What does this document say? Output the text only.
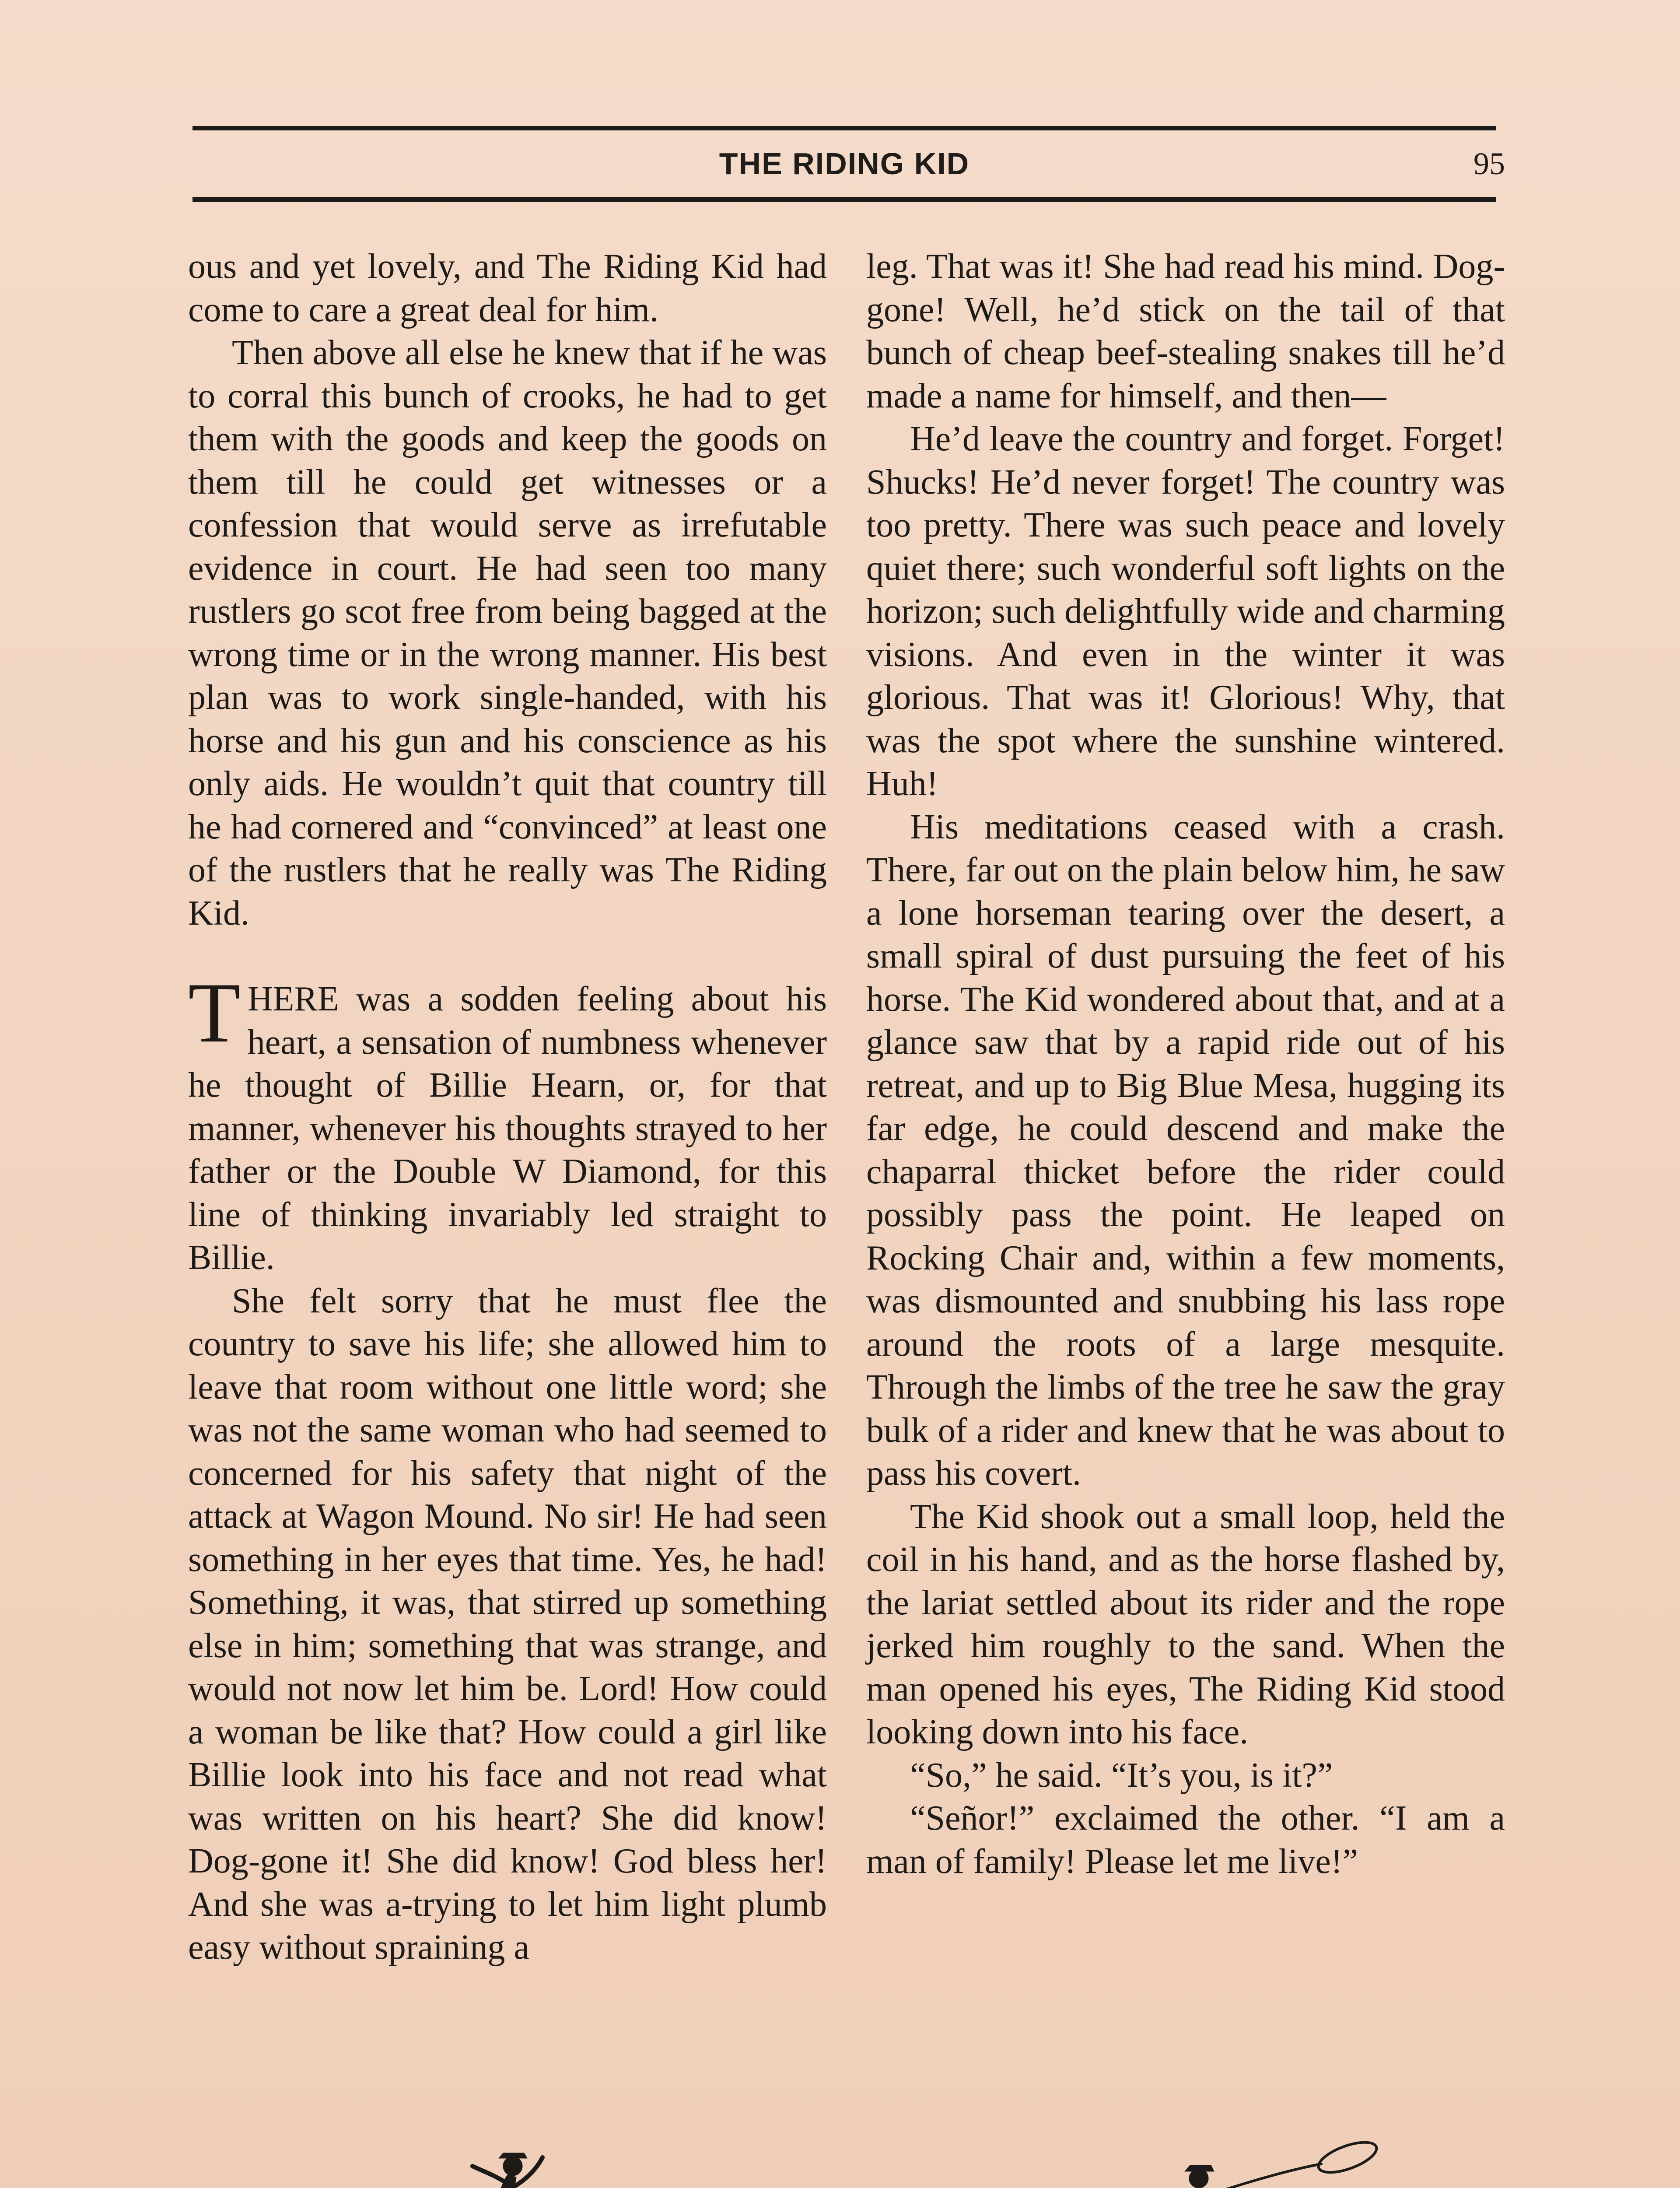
THE RIDING KID	95

ous and yet lovely, and The Riding Kid had come to care a great deal for him.

Then above all else he knew that if he was to corral this bunch of crooks, he had to get them with the goods and keep the goods on them till he could get witnesses or a confession that would serve as irrefutable evidence in court. He had seen too many rustlers go scot free from being bagged at the wrong time or in the wrong manner. His best plan was to work single-handed, with his horse and his gun and his conscience as his only aids. He wouldn’t quit that country till he had cornered and “convinced” at least one of the rustlers that he really was The Riding Kid.

THERE was a sodden feeling about his heart, a sensation of numbness whenever he thought of Billie Hearn, or, for that manner, whenever his thoughts strayed to her father or the Double W Diamond, for this line of thinking invariably led straight to Billie.

She felt sorry that he must flee the country to save his life; she allowed him to leave that room without one little word; she was not the same woman who had seemed to concerned for his safety that night of the attack at Wagon Mound. No sir! He had seen something in her eyes that time. Yes, he had! Something, it was, that stirred up something else in him; something that was strange, and would not now let him be. Lord! How could a woman be like that? How could a girl like Billie look into his face and not read what was written on his heart? She did know! Dog-gone it! She did know! God bless her! And she was a-trying to let him light plumb easy without spraining a

leg. That was it! She had read his mind. Dog-gone! Well, he’d stick on the tail of that bunch of cheap beef-stealing snakes till he’d made a name for himself, and then—

He’d leave the country and forget. Forget! Shucks! He’d never forget! The country was too pretty. There was such peace and lovely quiet there; such wonderful soft lights on the horizon; such delightfully wide and charming visions. And even in the winter it was glorious. That was it! Glorious! Why, that was the spot where the sunshine wintered. Huh!

His meditations ceased with a crash. There, far out on the plain below him, he saw a lone horseman tearing over the desert, a small spiral of dust pursuing the feet of his horse. The Kid wondered about that, and at a glance saw that by a rapid ride out of his retreat, and up to Big Blue Mesa, hugging its far edge, he could descend and make the chaparral thicket before the rider could possibly pass the point. He leaped on Rocking Chair and, within a few moments, was dismounted and snubbing his lass rope around the roots of a large mesquite. Through the limbs of the tree he saw the gray bulk of a rider and knew that he was about to pass his covert.

The Kid shook out a small loop, held the coil in his hand, and as the horse flashed by, the lariat settled about its rider and the rope jerked him roughly to the sand. When the man opened his eyes, The Riding Kid stood looking down into his face.

“So,” he said. “It’s you, is it?”

“Señor!” exclaimed the other. “I am a man of family! Please let me live!”
